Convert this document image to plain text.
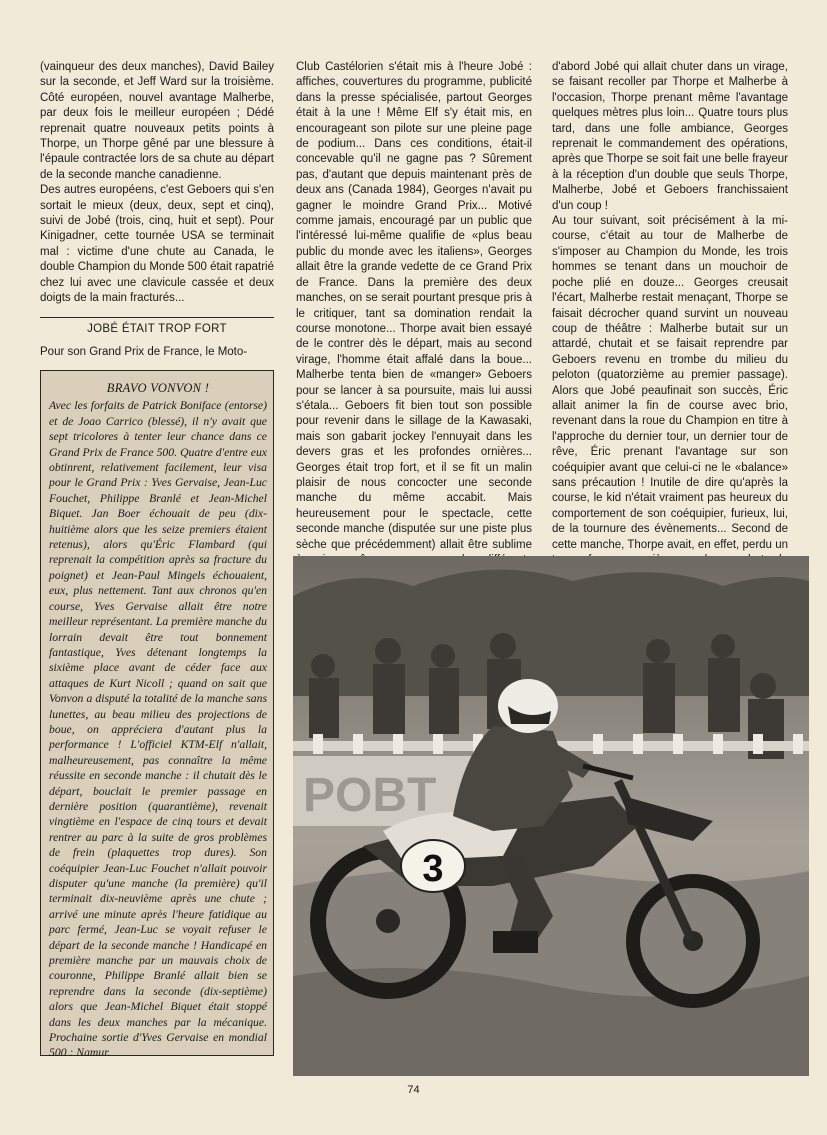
(vainqueur des deux manches), David Bailey sur la seconde, et Jeff Ward sur la troisième. Côté européen, nouvel avantage Malherbe, par deux fois le meilleur européen ; Dédé reprenait quatre nouveaux petits points à Thorpe, un Thorpe gêné par une blessure à l'épaule contractée lors de sa chute au départ de la seconde manche canadienne.

Des autres européens, c'est Geboers qui s'en sortait le mieux (deux, deux, sept et cinq), suivi de Jobé (trois, cinq, huit et sept). Pour Kinigadner, cette tournée USA se terminait mal : victime d'une chute au Canada, le double Champion du Monde 500 était rapatrié chez lui avec une clavicule cassée et deux doigts de la main fracturés...

JOBÉ ÉTAIT TROP FORT

Pour son Grand Prix de France, le Moto-

BRAVO VONVON !

Avec les forfaits de Patrick Boniface (entorse) et de Joao Carrico (blessé), il n'y avait que sept tricolores à tenter leur chance dans ce Grand Prix de France 500. Quatre d'entre eux obtinrent, relativement facilement, leur visa pour le Grand Prix : Yves Gervaise, Jean-Luc Fouchet, Philippe Branlé et Jean-Michel Biquet. Jan Boer échouait de peu (dix-huitième alors que les seize premiers étaient retenus), alors qu'Éric Flambard (qui reprenait la compétition après sa fracture du poignet) et Jean-Paul Mingels échouaient, eux, plus nettement. Tant aux chronos qu'en course, Yves Gervaise allait être notre meilleur représentant. La première manche du lorrain devait être tout bonnement fantastique, Yves détenant longtemps la sixième place avant de céder face aux attaques de Kurt Nicoll ; quand on sait que Vonvon a disputé la totalité de la manche sans lunettes, au beau milieu des projections de boue, on appréciera d'autant plus la performance ! L'officiel KTM-Elf n'allait, malheureusement, pas connaître la même réussite en seconde manche : il chutait dès le départ, bouclait le premier passage en dernière position (quarantième), revenait vingtième en l'espace de cinq tours et devait rentrer au parc à la suite de gros problèmes de frein (plaquettes trop dures). Son coéquipier Jean-Luc Fouchet n'allait pouvoir disputer qu'une manche (la première) qu'il terminait dix-neuvième après une chute ; arrivé une minute après l'heure fatidique au parc fermé, Jean-Luc se voyait refuser le départ de la seconde manche ! Handicapé en première manche par un mauvais choix de couronne, Philippe Branlé allait bien se reprendre dans la seconde (dix-septième) alors que Jean-Michel Biquet était stoppé dans les deux manches par la mécanique. Prochaine sortie d'Yves Gervaise en mondial 500 : Namur.

Club Castélorien s'était mis à l'heure Jobé : affiches, couvertures du programme, publicité dans la presse spécialisée, partout Georges était à la une ! Même Elf s'y était mis, en encourageant son pilote sur une pleine page de podium... Dans ces conditions, était-il concevable qu'il ne gagne pas ? Sûrement pas, d'autant que depuis maintenant près de deux ans (Canada 1984), Georges n'avait pu gagner le moindre Grand Prix... Motivé comme jamais, encouragé par un public que l'intéressé lui-même qualifie de «plus beau public du monde avec les italiens», Georges allait être la grande vedette de ce Grand Prix de France. Dans la première des deux manches, on se serait pourtant presque pris à le critiquer, tant sa domination rendait la course monotone... Thorpe avait bien essayé de le contrer dès le départ, mais au second virage, l'homme était affalé dans la boue... Malherbe tenta bien de «manger» Geboers pour se lancer à sa poursuite, mais lui aussi s'étala... Geboers fit bien tout son possible pour revenir dans le sillage de la Kawasaki, mais son gabarit jockey l'ennuyait dans les devers gras et les profondes ornières... Georges était trop fort, et il se fit un malin plaisir de nous concocter une seconde manche du même accabit. Mais heureusement pour le spectacle, cette seconde manche (disputée sur une piste plus sèche que précédemment) allait être sublime

d'abord Jobé qui allait chuter dans un virage, se faisant recoller par Thorpe et Malherbe à l'occasion, Thorpe prenant même l'avantage quelques mètres plus loin... Quatre tours plus tard, dans une folle ambiance, Georges reprenait le commandement des opérations, après que Thorpe se soit fait une belle frayeur à la réception d'un double que seuls Thorpe, Malherbe, Jobé et Geboers franchissaient d'un coup !

Au tour suivant, soit précisément à la mi-course, c'était au tour de Malherbe de s'imposer au Champion du Monde, les trois hommes se tenant dans un mouchoir de poche plié en douze... Georges creusait l'écart, Malherbe restait menaçant, Thorpe se faisait décrocher quand survint un nouveau coup de théâtre : Malherbe butait sur un attardé, chutait et se faisait reprendre par Geboers revenu en trombe du milieu du peloton (quatorzième au premier passage). Alors que Jobé peaufinait son succès, Éric allait animer la fin de course avec brio, revenant dans la roue du Champion en titre à l'approche du dernier tour, un dernier tour de rêve, Éric prenant l'avantage sur son coéquipier avant que celui-ci ne le «balance» sans précaution ! Inutile de dire qu'après la course, le kid n'était vraiment pas heureux du comportement de son coéquipier, furieux, lui, de la tournure des évènements... Second de cette manche, Thorpe avait, en effet, perdu un

POBT
3
74
